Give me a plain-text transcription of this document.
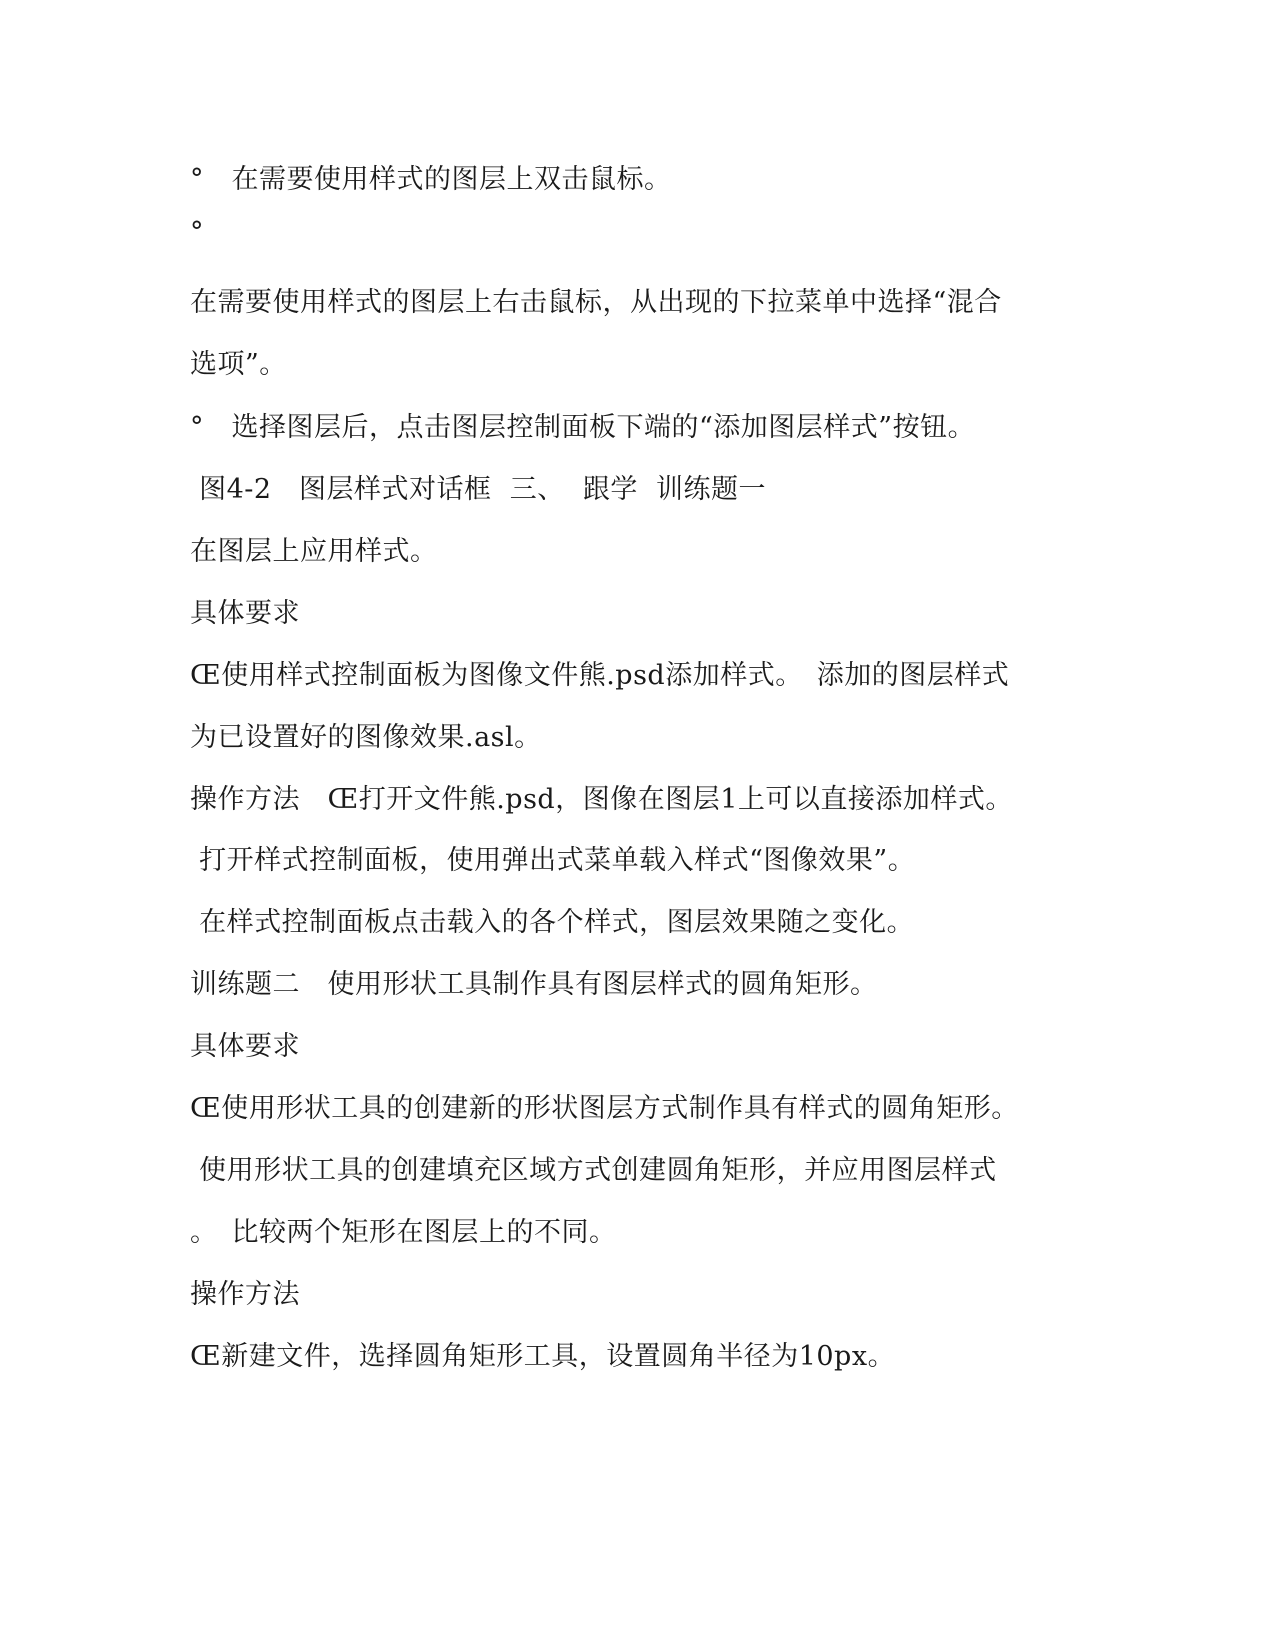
°　在需要使用样式的图层上双击鼠标。
°
在需要使用样式的图层上右击鼠标，从出现的下拉菜单中选择“混合
选项”。
°　选择图层后，点击图层控制面板下端的“添加图层样式”按钮。
图4-2　图层样式对话框  三、  跟学  训练题一
在图层上应用样式。
具体要求
Œ使用样式控制面板为图像文件熊.psd添加样式。　添加的图层样式
为已设置好的图像效果.asl。
操作方法　Œ打开文件熊.psd，图像在图层1上可以直接添加样式。
打开样式控制面板，使用弹出式菜单载入样式“图像效果”。
在样式控制面板点击载入的各个样式，图层效果随之变化。
训练题二　使用形状工具制作具有图层样式的圆角矩形。
具体要求
Œ使用形状工具的创建新的形状图层方式制作具有样式的圆角矩形。
使用形状工具的创建填充区域方式创建圆角矩形，并应用图层样式
。　比较两个矩形在图层上的不同。
操作方法
Œ新建文件，选择圆角矩形工具，设置圆角半径为10px。
